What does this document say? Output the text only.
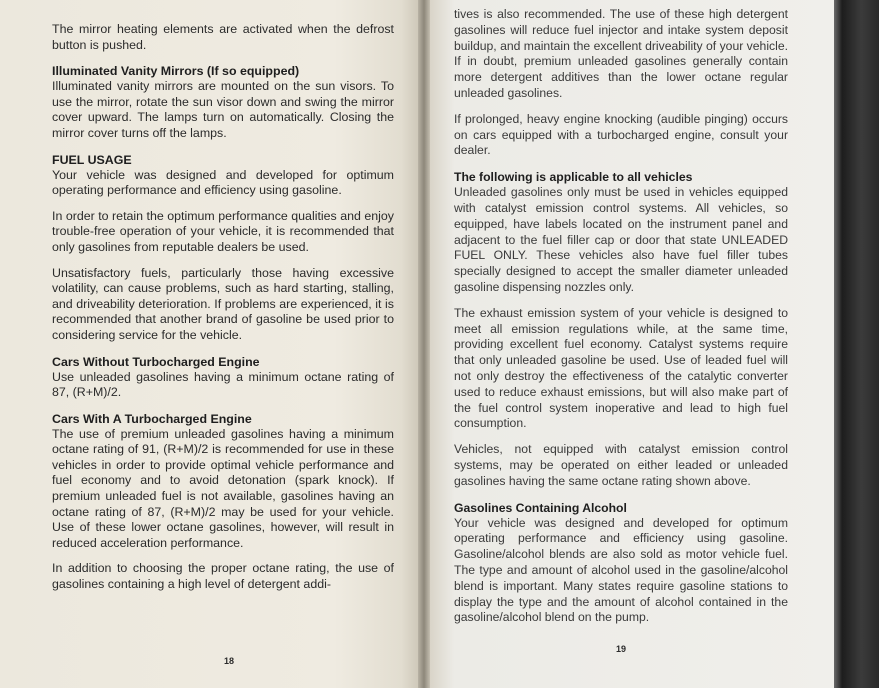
The mirror heating elements are activated when the defrost button is pushed.

Illuminated Vanity Mirrors (If so equipped)

Illuminated vanity mirrors are mounted on the sun visors. To use the mirror, rotate the sun visor down and swing the mirror cover upward. The lamps turn on automatically. Closing the mirror cover turns off the lamps.

FUEL USAGE

Your vehicle was designed and developed for optimum operating performance and efficiency using gasoline.

In order to retain the optimum performance qualities and enjoy trouble-free operation of your vehicle, it is recommended that only gasolines from reputable dealers be used.

Unsatisfactory fuels, particularly those having excessive volatility, can cause problems, such as hard starting, stalling, and driveability deterioration. If problems are experienced, it is recommended that another brand of gasoline be used prior to considering service for the vehicle.

Cars Without Turbocharged Engine

Use unleaded gasolines having a minimum octane rating of 87, (R+M)/2.

Cars With A Turbocharged Engine

The use of premium unleaded gasolines having a minimum octane rating of 91, (R+M)/2 is recommended for use in these vehicles in order to provide optimal vehicle performance and fuel economy and to avoid detonation (spark knock). If premium unleaded fuel is not available, gasolines having an octane rating of 87, (R+M)/2 may be used for your vehicle. Use of these lower octane gasolines, however, will result in reduced acceleration performance.

In addition to choosing the proper octane rating, the use of gasolines containing a high level of detergent addi-

18

tives is also recommended. The use of these high detergent gasolines will reduce fuel injector and intake system deposit buildup, and maintain the excellent driveability of your vehicle. If in doubt, premium unleaded gasolines generally contain more detergent additives than the lower octane regular unleaded gasolines.

If prolonged, heavy engine knocking (audible pinging) occurs on cars equipped with a turbocharged engine, consult your dealer.

The following is applicable to all vehicles

Unleaded gasolines only must be used in vehicles equipped with catalyst emission control systems. All vehicles, so equipped, have labels located on the instrument panel and adjacent to the fuel filler cap or door that state UNLEADED FUEL ONLY. These vehicles also have fuel filler tubes specially designed to accept the smaller diameter unleaded gasoline dispensing nozzles only.

The exhaust emission system of your vehicle is designed to meet all emission regulations while, at the same time, providing excellent fuel economy. Catalyst systems require that only unleaded gasoline be used. Use of leaded fuel will not only destroy the effectiveness of the catalytic converter used to reduce exhaust emissions, but will also make part of the fuel control system inoperative and lead to high fuel consumption.

Vehicles, not equipped with catalyst emission control systems, may be operated on either leaded or unleaded gasolines having the same octane rating shown above.

Gasolines Containing Alcohol

Your vehicle was designed and developed for optimum operating performance and efficiency using gasoline. Gasoline/alcohol blends are also sold as motor vehicle fuel. The type and amount of alcohol used in the gasoline/alcohol blend is important. Many states require gasoline stations to display the type and the amount of alcohol contained in the gasoline/alcohol blend on the pump.

19
